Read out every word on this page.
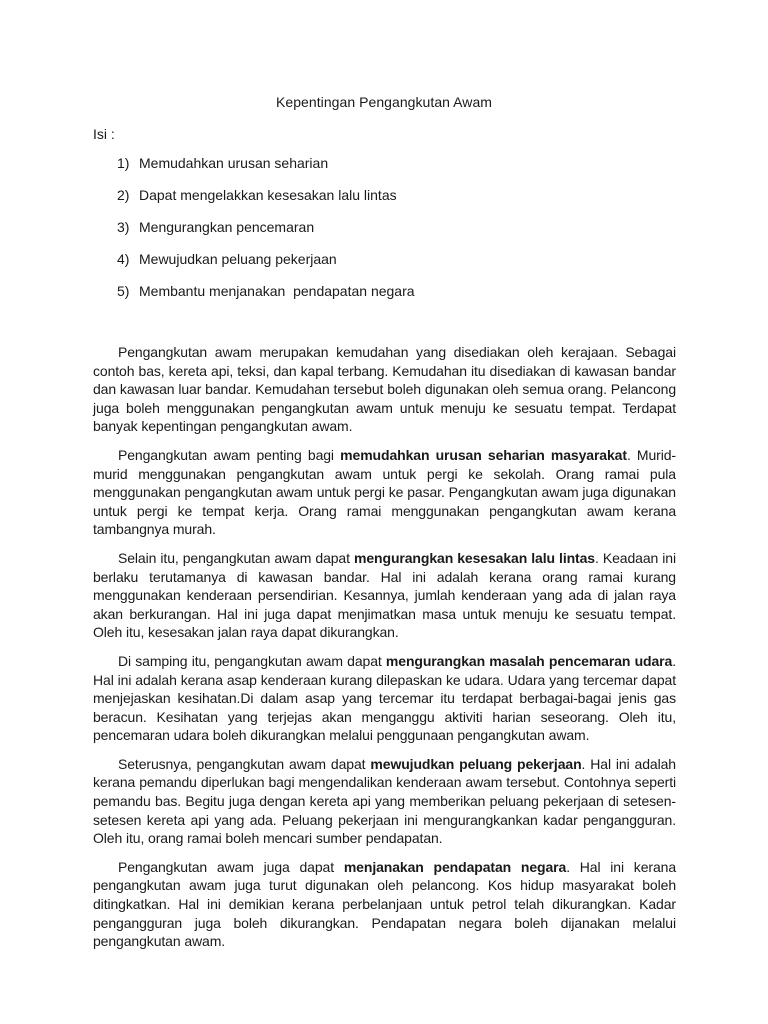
Kepentingan Pengangkutan Awam
Isi :
1) Memudahkan urusan seharian
2) Dapat mengelakkan kesesakan lalu lintas
3) Mengurangkan pencemaran
4) Mewujudkan peluang pekerjaan
5) Membantu menjanakan  pendapatan negara

Pengangkutan awam merupakan kemudahan yang disediakan oleh kerajaan. Sebagai contoh bas, kereta api, teksi, dan kapal terbang. Kemudahan itu disediakan di kawasan bandar dan kawasan luar bandar. Kemudahan tersebut boleh digunakan oleh semua orang. Pelancong juga boleh menggunakan pengangkutan awam untuk menuju ke sesuatu tempat. Terdapat banyak kepentingan pengangkutan awam.

Pengangkutan awam penting bagi memudahkan urusan seharian masyarakat. Murid-murid menggunakan pengangkutan awam untuk pergi ke sekolah. Orang ramai pula menggunakan pengangkutan awam untuk pergi ke pasar. Pengangkutan awam juga digunakan untuk pergi ke tempat kerja. Orang ramai menggunakan pengangkutan awam kerana tambangnya murah.

Selain itu, pengangkutan awam dapat mengurangkan kesesakan lalu lintas. Keadaan ini berlaku terutamanya di kawasan bandar. Hal ini adalah kerana orang ramai kurang menggunakan kenderaan persendirian. Kesannya, jumlah kenderaan yang ada di jalan raya akan berkurangan. Hal ini juga dapat menjimatkan masa untuk menuju ke sesuatu tempat. Oleh itu, kesesakan jalan raya dapat dikurangkan.

Di samping itu, pengangkutan awam dapat mengurangkan masalah pencemaran udara. Hal ini adalah kerana asap kenderaan kurang dilepaskan ke udara. Udara yang tercemar dapat menjejaskan kesihatan.Di dalam asap yang tercemar itu terdapat berbagai-bagai jenis gas beracun. Kesihatan yang terjejas akan menganggu aktiviti harian seseorang. Oleh itu, pencemaran udara boleh dikurangkan melalui penggunaan pengangkutan awam.

Seterusnya, pengangkutan awam dapat mewujudkan peluang pekerjaan. Hal ini adalah kerana pemandu diperlukan bagi mengendalikan kenderaan awam tersebut. Contohnya seperti pemandu bas. Begitu juga dengan kereta api yang memberikan peluang pekerjaan di setesen-setesen kereta api yang ada. Peluang pekerjaan ini mengurangkankan kadar pengangguran. Oleh itu, orang ramai boleh mencari sumber pendapatan.

Pengangkutan awam juga dapat menjanakan pendapatan negara. Hal ini kerana pengangkutan awam juga turut digunakan oleh pelancong. Kos hidup masyarakat boleh ditingkatkan. Hal ini demikian kerana perbelanjaan untuk petrol telah dikurangkan. Kadar pengangguran juga boleh dikurangkan. Pendapatan negara boleh dijanakan melalui pengangkutan awam.
